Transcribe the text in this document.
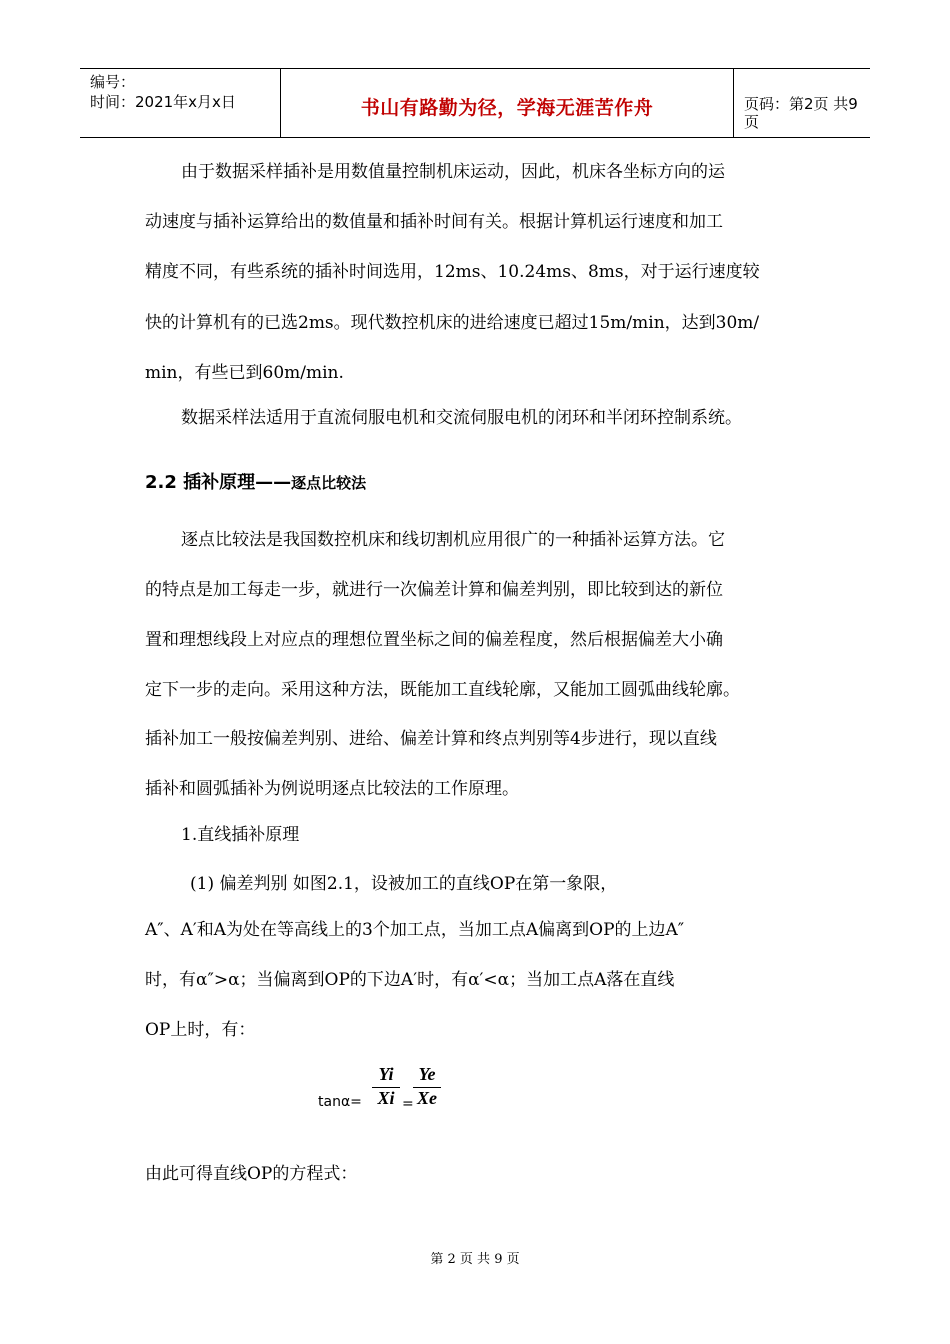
编号：
时间：2021年x月x日	书山有路勤为径，学海无涯苦作舟	页码：第2页 共9页
由于数据采样插补是用数值量控制机床运动，因此，机床各坐标方向的运
动速度与插补运算给出的数值量和插补时间有关。根据计算机运行速度和加工
精度不同，有些系统的插补时间选用，12ms、10.24ms、8ms，对于运行速度较
快的计算机有的已选2ms。现代数控机床的进给速度已超过15m/min，达到30m/
min，有些已到60m/min.
数据采样法适用于直流伺服电机和交流伺服电机的闭环和半闭环控制系统。
2.2 插补原理——逐点比较法
逐点比较法是我国数控机床和线切割机应用很广的一种插补运算方法。它
的特点是加工每走一步，就进行一次偏差计算和偏差判别，即比较到达的新位
置和理想线段上对应点的理想位置坐标之间的偏差程度，然后根据偏差大小确
定下一步的走向。采用这种方法，既能加工直线轮廓，又能加工圆弧曲线轮廓。
插补加工一般按偏差判别、进给、偏差计算和终点判别等4步进行，现以直线
插补和圆弧插补为例说明逐点比较法的工作原理。
1.直线插补原理
(1) 偏差判别 如图2.1，设被加工的直线OP在第一象限，
A″、A′和A为处在等高线上的3个加工点，当加工点A偏离到OP的上边A″
时，有α″>α；当偏离到OP的下边A′时，有α′<α；当加工点A落在直线
OP上时，有：
tanα=
Yi
Xi =
Ye
Xe
由此可得直线OP的方程式：
第 2 页 共 9 页
